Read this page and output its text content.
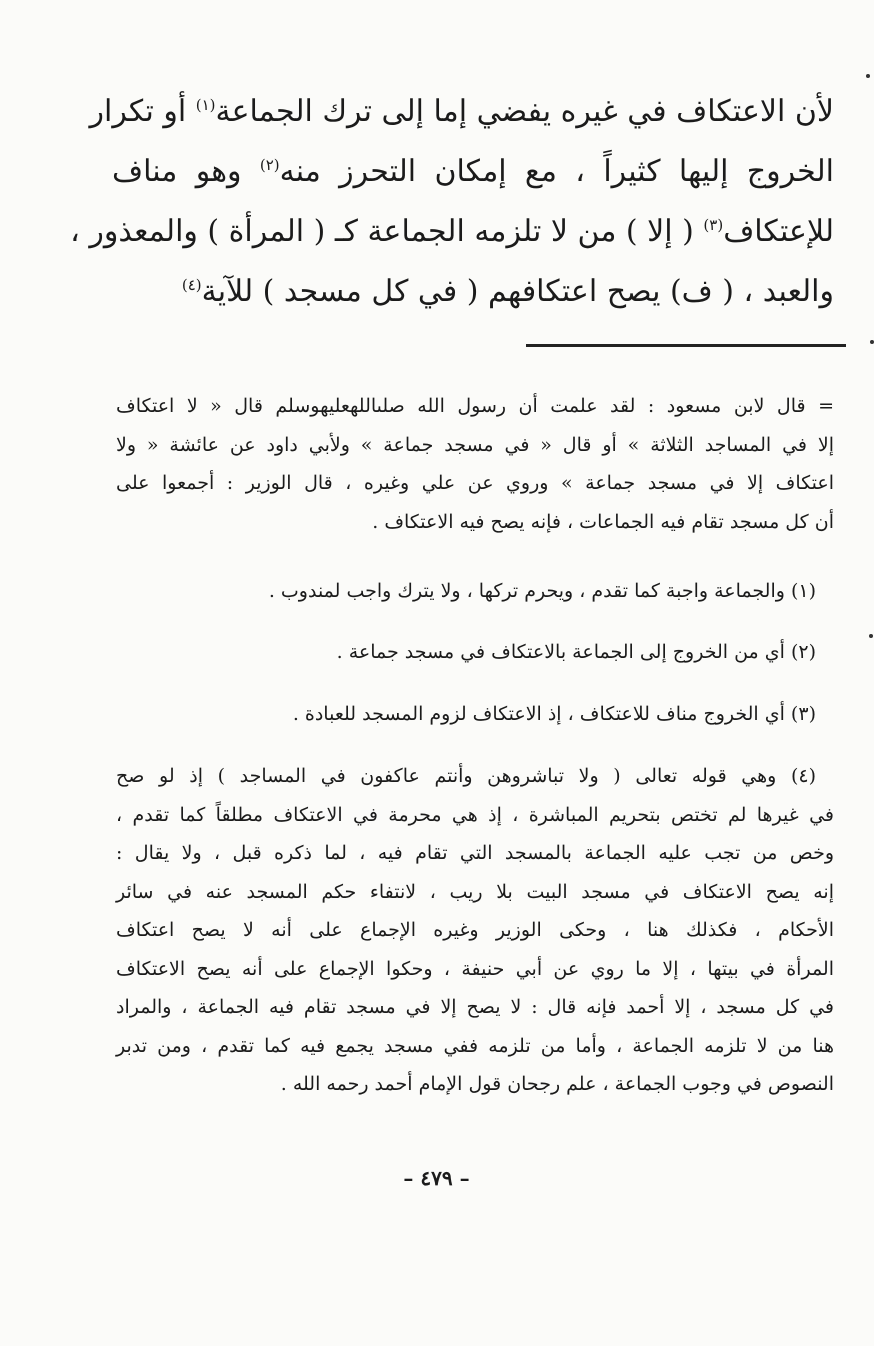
لأن الاعتكاف في غيره يفضي إما إلى ترك الجماعة$^{(١)}$ أو تكرار
الخروج إليها كثيراً ، مع إمكان التحرز منه$^{(٢)}$ وهو مناف
للإعتكاف$^{(٣)}$ ( إلا ) من لا تلزمه الجماعة كـ ( المرأة ) والمعذور ،
والعبد ، ( ف) يصح اعتكافهم ( في كل مسجد ) للآية$^{(٤)}$
= قال لابن مسعود : لقد علمت أن رسول الله صلىاللهعليهوسلم قال « لا اعتكاف
إلا في المساجد الثلاثة » أو قال « في مسجد جماعة » ولأبي داود عن عائشة « ولا
اعتكاف إلا في مسجد جماعة » وروي عن علي وغيره ، قال الوزير : أجمعوا على
أن كل مسجد تقام فيه الجماعات ، فإنه يصح فيه الاعتكاف .
(١) والجماعة واجبة كما تقدم ، ويحرم تركها ، ولا يترك واجب لمندوب .
(٢) أي من الخروج إلى الجماعة بالاعتكاف في مسجد جماعة .
(٣) أي الخروج مناف للاعتكاف ، إذ الاعتكاف لزوم المسجد للعبادة .
(٤) وهي قوله تعالى ( ولا تباشروهن وأنتم عاكفون في المساجد ) إذ لو صح
في غيرها لم تختص بتحريم المباشرة ، إذ هي محرمة في الاعتكاف مطلقاً كما تقدم ،
وخص من تجب عليه الجماعة بالمسجد التي تقام فيه ، لما ذكره قبل ، ولا يقال :
إنه يصح الاعتكاف في مسجد البيت بلا ريب ، لانتفاء حكم المسجد عنه في سائر
الأحكام ، فكذلك هنا ، وحكى الوزير وغيره الإجماع على أنه لا يصح اعتكاف
المرأة في بيتها ، إلا ما روي عن أبي حنيفة ، وحكوا الإجماع على أنه يصح الاعتكاف
في كل مسجد ، إلا أحمد فإنه قال : لا يصح إلا في مسجد تقام فيه الجماعة ، والمراد
هنا من لا تلزمه الجماعة ، وأما من تلزمه ففي مسجد يجمع فيه كما تقدم ، ومن تدبر
النصوص في وجوب الجماعة ، علم رجحان قول الإمام أحمد رحمه الله .
– ٤٧٩ –
